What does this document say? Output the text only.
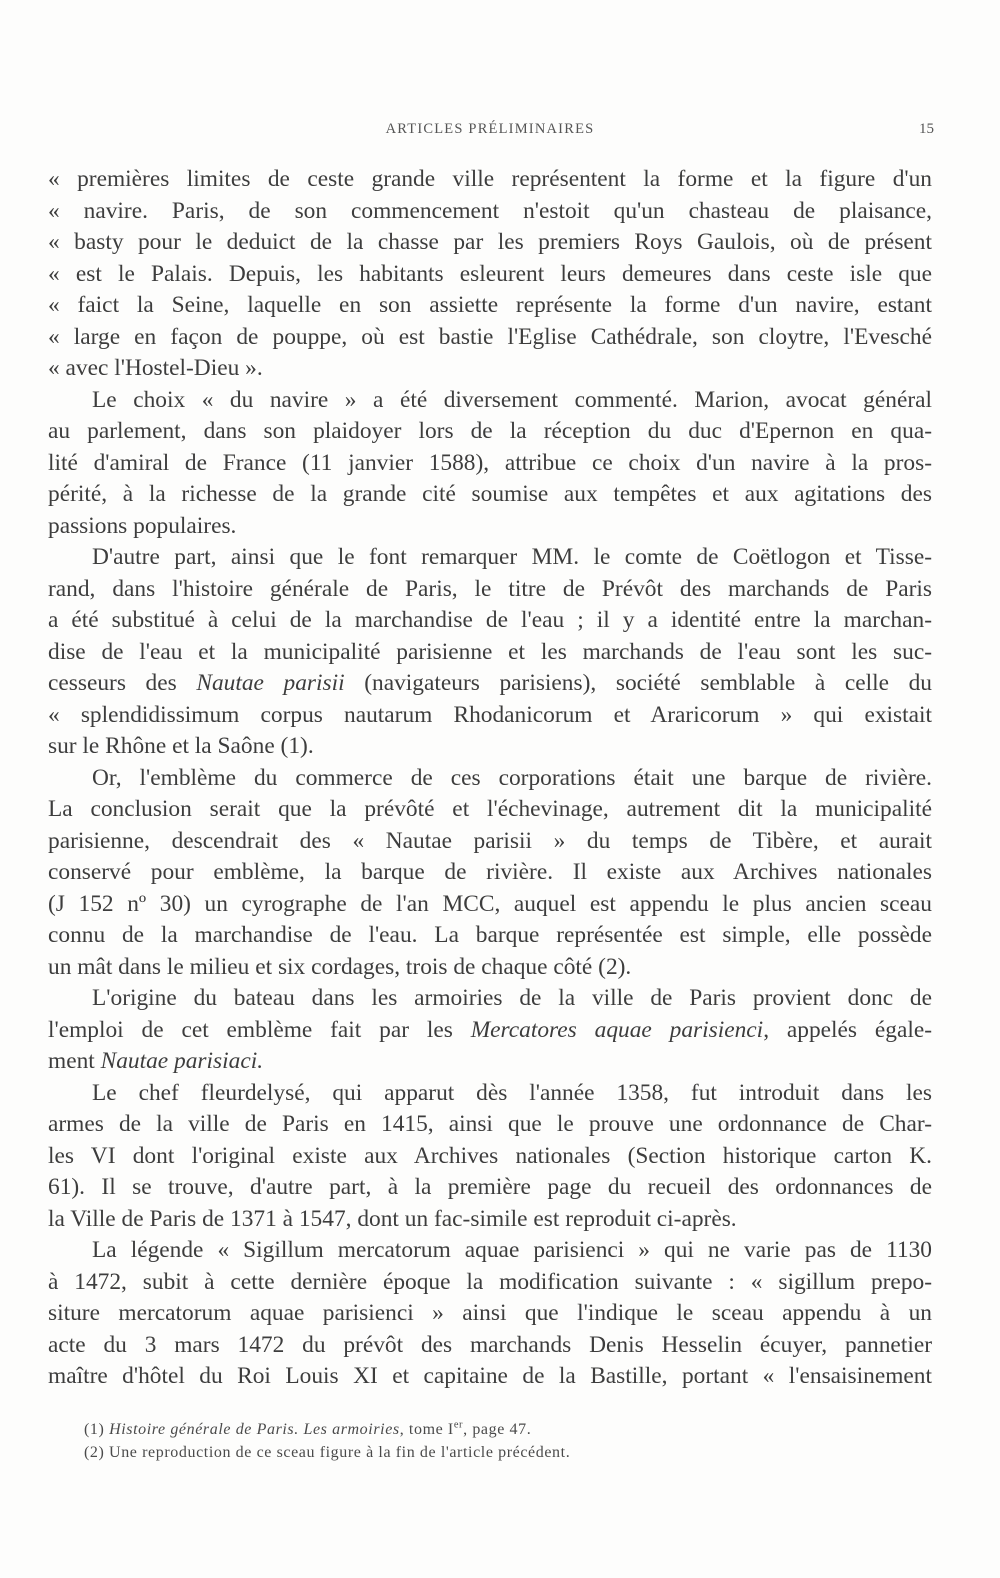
ARTICLES PRÉLIMINAIRES	15
« premières limites de ceste grande ville représentent la forme et la figure d'un
« navire. Paris, de son commencement n'estoit qu'un chasteau de plaisance,
« basty pour le deduict de la chasse par les premiers Roys Gaulois, où de présent
« est le Palais. Depuis, les habitants esleurent leurs demeures dans ceste isle que
« faict la Seine, laquelle en son assiette représente la forme d'un navire, estant
« large en façon de pouppe, où est bastie l'Eglise Cathédrale, son cloytre, l'Evesché
« avec l'Hostel-Dieu ».
Le choix « du navire » a été diversement commenté. Marion, avocat général
au parlement, dans son plaidoyer lors de la réception du duc d'Epernon en qua-
lité d'amiral de France (11 janvier 1588), attribue ce choix d'un navire à la pros-
périté, à la richesse de la grande cité soumise aux tempêtes et aux agitations des
passions populaires.
D'autre part, ainsi que le font remarquer MM. le comte de Coëtlogon et Tisse-
rand, dans l'histoire générale de Paris, le titre de Prévôt des marchands de Paris
a été substitué à celui de la marchandise de l'eau ; il y a identité entre la marchan-
dise de l'eau et la municipalité parisienne et les marchands de l'eau sont les suc-
cesseurs des Nautae parisii (navigateurs parisiens), société semblable à celle du
« splendidissimum corpus nautarum Rhodanicorum et Araricorum » qui existait
sur le Rhône et la Saône (1).
Or, l'emblème du commerce de ces corporations était une barque de rivière.
La conclusion serait que la prévôté et l'échevinage, autrement dit la municipalité
parisienne, descendrait des « Nautae parisii » du temps de Tibère, et aurait
conservé pour emblème, la barque de rivière. Il existe aux Archives nationales
(J 152 nº 30) un cyrographe de l'an MCC, auquel est appendu le plus ancien sceau
connu de la marchandise de l'eau. La barque représentée est simple, elle possède
un mât dans le milieu et six cordages, trois de chaque côté (2).
L'origine du bateau dans les armoiries de la ville de Paris provient donc de
l'emploi de cet emblème fait par les Mercatores aquae parisienci, appelés égale-
ment Nautae parisiaci.
Le chef fleurdelysé, qui apparut dès l'année 1358, fut introduit dans les
armes de la ville de Paris en 1415, ainsi que le prouve une ordonnance de Char-
les VI dont l'original existe aux Archives nationales (Section historique carton K.
61). Il se trouve, d'autre part, à la première page du recueil des ordonnances de
la Ville de Paris de 1371 à 1547, dont un fac-simile est reproduit ci-après.
La légende « Sigillum mercatorum aquae parisienci » qui ne varie pas de 1130
à 1472, subit à cette dernière époque la modification suivante : « sigillum prepo-
siture mercatorum aquae parisienci » ainsi que l'indique le sceau appendu à un
acte du 3 mars 1472 du prévôt des marchands Denis Hesselin écuyer, pannetier
maître d'hôtel du Roi Louis XI et capitaine de la Bastille, portant « l'ensaisinement
(1) Histoire générale de Paris. Les armoiries, tome Ier, page 47.
(2) Une reproduction de ce sceau figure à la fin de l'article précédent.
